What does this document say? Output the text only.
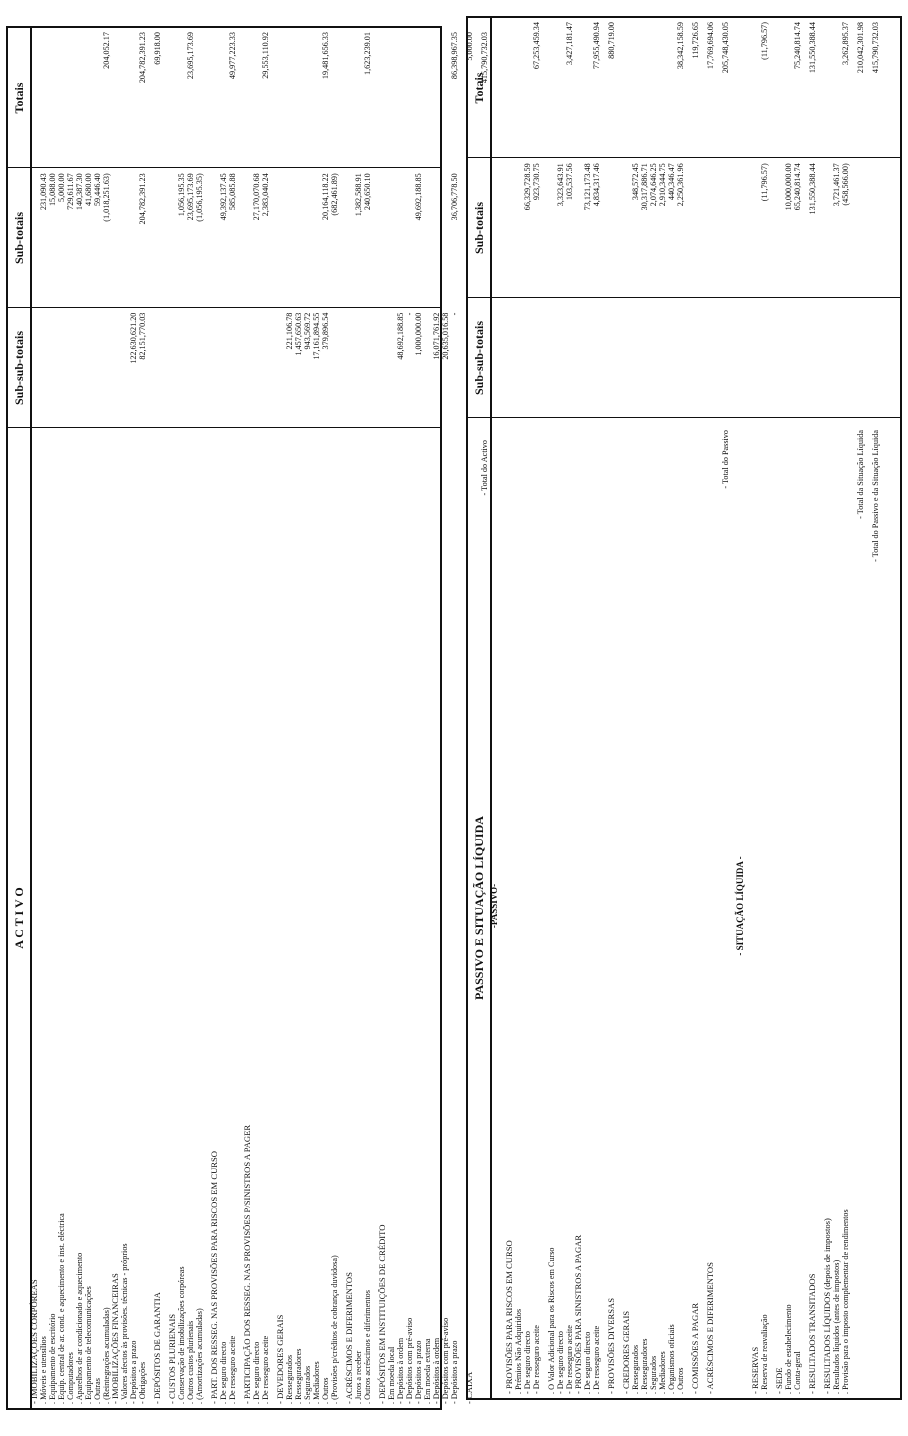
A C T I V O
Sub-sub-totais
Sub-totais
Totais
- IMOBILIZAÇÕES CORPÓREAS . Móveis e utensílios
231,090.43
. Equipamento de escritório
15,088.00
. Equip. central de ar. cond. e aquecimento e inst. eléctrica
5,000.00
. Computadores
729,611.67
. Aparelhos de ar condicionado e aquecimento
140,387.30
. Equipamento de telecomunicações
41,680.00
. Outras
59,446.40
. (Reintegrações acumuladas)
(1,018,251.63)
204,052.17
- IMOBILIZAÇÕES FINANCEIRAS . Valores afectos às provisões. técnicas - próprios - Depósitos a prazo
122,630,621.20
- Obrigações
82,151,770.03
204,782,391.23
204,782,391.23
- DEPÓSITOS DE GARANTIA
69,918.00
- CUSTOS PLURIENAIS . Conservação de imobilizações corpóreas
1,056,195.35
. Outros custos plurienais
23,695,173.69
23,695,173.69
. (Amortizações acumuladas)
(1,056,195.35)
- PART. DOS RESSEG. NAS PROVISÕES PARA RISCOS EM CURSO . De seguro directo
49,392,137.45
. De resseguro aceite
585,085.88
49,977,223.33
- PARTICIPAÇÃO DOS RESSEG. NAS PROVISÕES P/SINISTROS A PAGER . De seguro directo
27,170,070.68
. De resseguro aceite
2,383,040.24
29,553,110.92
- DEVEDORES GERAIS . Ressegurados
221,106.78
. Resseguradores
1,457,650.63
. Segurados
943,569.72
. Mediadores
17,161,894.55
. Outros
379,896.54
20,164,118.22
19,481,656.33
. (Provisões p/créditos de cobrança duvidosa)
(682,461.89)
- ACRÉSCIMOS E DIFERIMENTOS . Juros a receber
1,382,588.91
. Outros acréscimos e diferimentos
240,650.10
1,623,239.01
- DEPÓSITOS EM INSTITUIÇÕES DE CRÉDITO . Em moeda local - Depósitos à ordem
48,692,188.85
- Depósitos com pré-aviso
-
- Depósitos a prazo
1,000,000.00
49,692,188.85
. Em moeda externa - Depósitos à ordem
16,071,761.92
- Depósitos com pré-aviso
20,635,016.58
- Depósitos a prazo
-
36,706,778.50
86,398,967.35
- CAIXA
5,000.00
- Total do Activo
415,790,732.03
PASSIVO E SITUAÇÃO LÍQUIDA
Sub-sub-totais
Sub-totais
Totais
-PASSIVO-
- PROVISÕES PARA RISCOS EM CURSO . Prémios Não Adquiridos - De seguro directo
66,329,728.59
- De resseguro aceite
923,730.75
67,253,459.34
. O Valor Adicional para os Riscos em Curso - De seguro directo
3,323,643.91
- De resseguro aceite
103,537.56
3,427,181.47
- PROVISÕES PARA SINISTROS A PAGAR . De seguro directo
73,121,173.48
. De resseguro aceite
4,834,317.46
77,955,490.94
- PROVISÕES DIVERSAS
880,719.00
- CREDORES GERAIS . Ressegurados
348,572.45
. Resseguradores
30,317,886.71
. Segurados
2,074,646.25
. Mediadores
2,910,344.75
. Organismos oficiais
440,346.47
. Outros
2,250,361.96
38,342,158.59
- COMISSÕES A PAGAR
119,726.65
- ACRÉSCIMOS E DIFERIMENTOS
17,769,694.06
- Total do Passivo
205,748,430.05
- SITUAÇÃO LÍQUIDA -
- RESERVAS . Reserva de reavaliação
(11,796.57)
(11,796.57)
- SEDE . Fundo de estabelecimento
10,000,000.00
. Conta-geral
65,240,814.74
75,240,814.74
- RESULTADOS TRANSITADOS
131,550,388.44
131,550,388.44
- RESULTADOS LÍQUIDOS (depois de impostos) . Resultados líquidos (antes de impostos)
3,721,461.37
. Provisão para o imposto complementar de rendimentos
(458,566.00)
3,262,895.37
- Total da Situação Líquida
210,042,301.98
- Total do Passivo e da Situação Líquida
415,790,732.03
